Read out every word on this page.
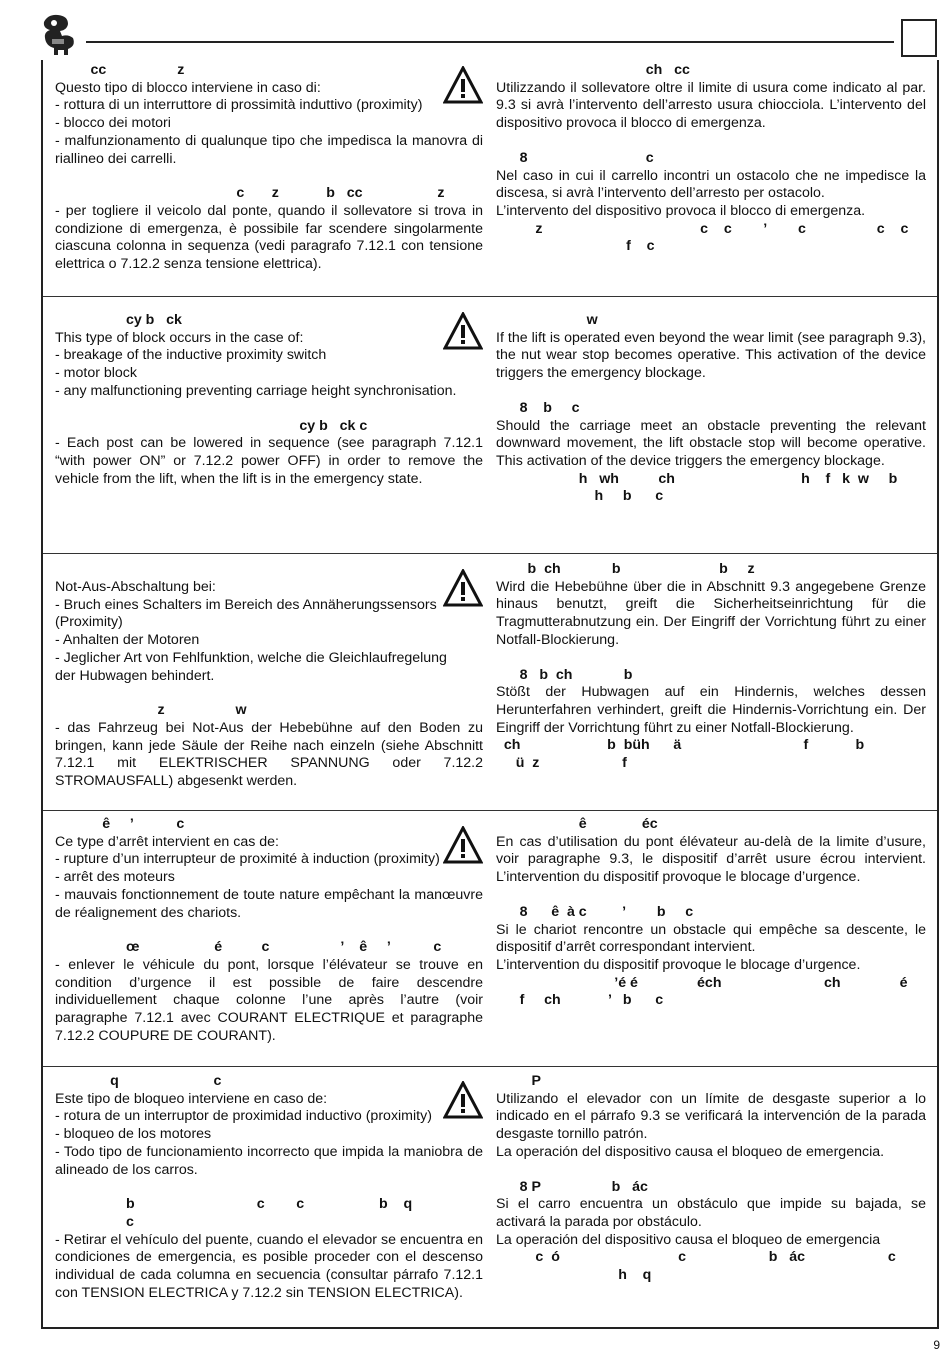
cc                  z
Questo tipo di blocco interviene in caso di:
- rottura di un interruttore di prossimità induttivo (proximity)
- blocco dei motori
- malfunzionamento di qualunque tipo che impedisca la manovra di riallineo dei carrelli.
c       z            b   cc                   z
- per togliere il veicolo dal ponte, quando il sollevatore si trova in condizione di emergenza, è possibile far scendere singolarmente ciascuna colonna in sequenza (vedi paragrafo 7.12.1 con tensione elettrica o 7.12.2 senza tensione elettrica).
ch   cc
Utilizzando il sollevatore oltre il limite di usura come indicato al par. 9.3 si avrà l’intervento dell’arresto usura chiocciola. L’intervento del dispositivo provoca il blocco di emergenza.
8                              c
Nel caso in cui il carrello incontri un ostacolo che ne impedisce la discesa, si avrà l’intervento dell’arresto per ostacolo.
L’intervento del dispositivo provoca il blocco di emergenza.
z                                        c    c        ’        c                  c    c
f    c
cy b   ck
This type of block occurs in the case of:
- breakage of the inductive proximity switch
- motor block
- any malfunctioning preventing carriage height synchronisation.
cy b   ck c
- Each post can be lowered in sequence (see paragraph 7.12.1 “with power ON” or 7.12.2 power OFF) in order to remove the vehicle from the lift, when the lift is in the emergency state.
w
If the lift is operated even beyond the wear limit (see paragraph 9.3), the nut wear stop becomes operative. This activation of the device triggers the emergency blockage.
8    b     c
Should the carriage meet an obstacle preventing the relevant downward movement, the lift obstacle stop will become operative. This activation of the device triggers the emergency blockage.
h   wh          ch                                h    f   k  w     b
h     b      c
Not-Aus-Abschaltung bei:
- Bruch eines Schalters im Bereich des Annäherungssensors (Proximity)
- Anhalten der Motoren
- Jeglicher Art von Fehlfunktion, welche die Gleichlaufregelung der Hubwagen behindert.
z                  w
- das Fahrzeug bei Not-Aus der Hebebühne auf den Boden zu bringen, kann jede Säule der Reihe nach einzeln (siehe Abschnitt 7.12.1 mit ELEKTRISCHER SPANNUNG oder 7.12.2 STROMAUSFALL) abgesenkt werden.
b  ch             b                         b     z
Wird die Hebebühne über die in Abschnitt 9.3 angegebene Grenze hinaus benutzt, greift die Sicherheitseinrichtung für die Tragmutterabnutzung ein. Der Eingriff der Vorrichtung führt zu einer Notfall-Blockierung.
8   b  ch             b
Stößt der Hubwagen auf ein Hindernis, welches dessen Herunterfahren verhindert, greift die Hindernis-Vorrichtung ein. Der Eingriff der Vorrichtung führt zu einer Notfall-Blockierung.
ch                      b  büh      ä                               f            b
ü  z                     f
ê     ’           c
Ce type d’arrêt intervient en cas de:
- rupture d’un interrupteur de proximité à induction (proximity)
- arrêt des moteurs
- mauvais fonctionnement de toute nature empêchant la manœuvre de réalignement des chariots.
œ                   é          c                  ’    ê     ’           c
- enlever le véhicule du pont, lorsque l’élévateur se trouve en condition d’urgence il est possible de faire descendre individuellement chaque colonne l’une après l’autre (voir paragraphe 7.12.1 avec COURANT ELECTRIQUE et paragraphe 7.12.2 COUPURE DE COURANT).
ê              éc
En cas d’utilisation du pont élévateur au-delà de la limite d’usure, voir paragraphe 9.3, le dispositif d’arrêt usure écrou intervient. L’intervention du dispositif provoque le blocage d’urgence.
8      ê  à c         ’        b     c
Si le chariot rencontre un obstacle qui empêche sa descente, le dispositif d’arrêt correspondant intervient.
L’intervention du dispositif provoque le blocage d’urgence.
’é é               éch                          ch               é
f     ch            ’   b      c
q                        c
Este tipo de bloqueo interviene en caso de:
- rotura de un interruptor de proximidad inductivo (proximity)
- bloqueo de los motores
- Todo tipo de funcionamiento incorrecto que impida la maniobra de alineado de los carros.
b                               c        c                   b    q
c
- Retirar el vehículo del puente, cuando el elevador se encuentra en condiciones de emergencia, es posible proceder con el descenso individual de cada columna en secuencia (consultar párrafo 7.12.1 con TENSION ELECTRICA y 7.12.2 sin TENSION ELECTRICA).
P
Utilizando el elevador con un límite de desgaste superior a lo indicado en el párrafo 9.3 se verificará la intervención de la parada desgaste tornillo patrón.
La operación del dispositivo causa el bloqueo de emergencia.
8 P                  b   ác
Si el carro encuentra un obstáculo que impide su bajada, se activará la parada por obstáculo.
La operación del dispositivo causa el bloqueo de emergencia
c  ó                              c                     b   ác                     c
h    q
9
